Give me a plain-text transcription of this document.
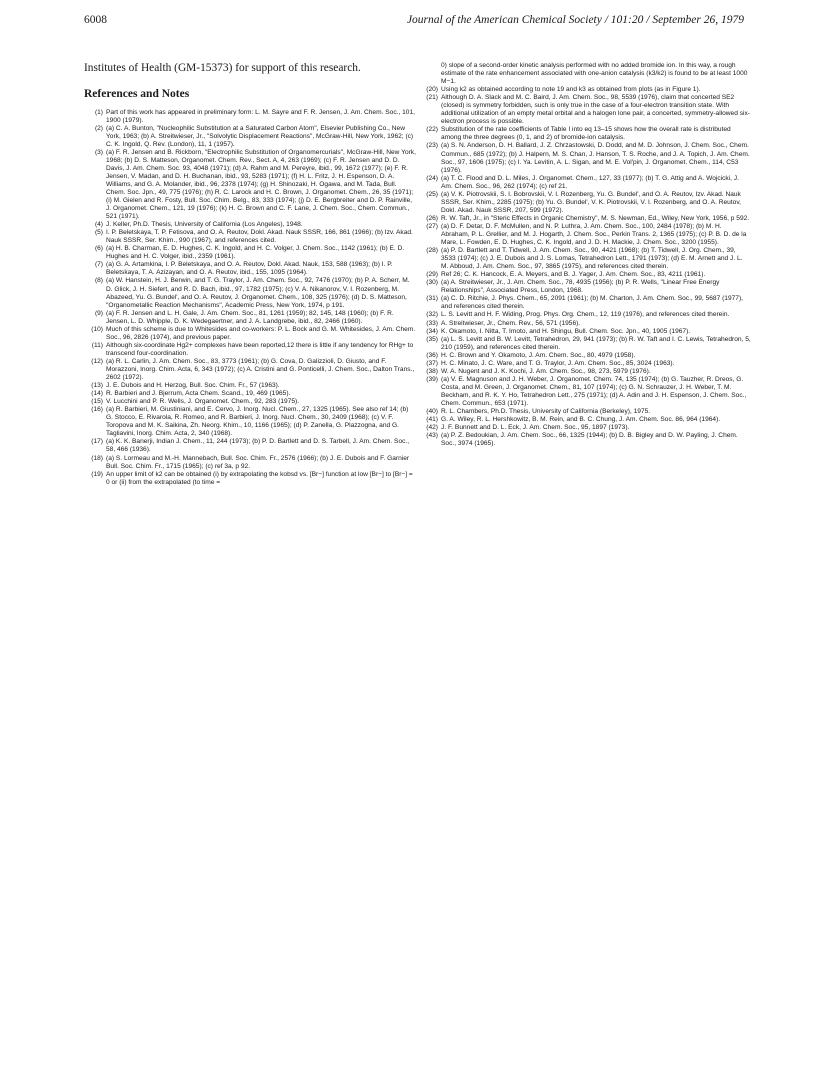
6008	Journal of the American Chemical Society / 101:20 / September 26, 1979

Institutes of Health (GM-15373) for support of this research.

References and Notes

(1) Part of this work has appeared in preliminary form: L. M. Sayre and F. R. Jensen, J. Am. Chem. Soc., 101, 1900 (1979).

(2) (a) C. A. Bunton, "Nucleophilic Substitution at a Saturated Carbon Atom", Elsevier Publishing Co., New York, 1963; (b) A. Streitwieser, Jr., "Solvolytic Displacement Reactions", McGraw-Hill, New York, 1962; (c) C. K. Ingold, Q. Rev. (London), 11, 1 (1957).

(3) (a) F. R. Jensen and B. Rickborn, "Electrophilic Substitution of Organomercurials", McGraw-Hill, New York, 1968; (b) D. S. Matteson, Organomet. Chem. Rev., Sect. A, 4, 263 (1969); (c) F. R. Jensen and D. D. Davis, J. Am. Chem. Soc. 93, 4048 (1971); (d) A. Rahm and M. Pereyre, ibid., 99, 1672 (1977); (e) F. R. Jensen, V. Madan, and D. H. Buchanan, ibid., 93, 5283 (1971); (f) H. L. Fritz, J. H. Espenson, D. A. Williams, and G. A. Molander, ibid., 96, 2378 (1974); (g) H. Shinozaki, H. Ogawa, and M. Tada, Bull. Chem. Soc. Jpn., 49, 775 (1976); (h) R. C. Larock and H. C. Brown, J. Organomet. Chem., 26, 35 (1971); (i) M. Gielen and R. Fosty, Bull. Soc. Chim. Belg., 83, 333 (1974); (j) D. E. Bergbreiter and D. P. Rainville, J. Organomet. Chem., 121, 19 (1976); (k) H. C. Brown and C. F. Lane, J. Chem. Soc., Chem. Commun., 521 (1971).

(4) J. Keller, Ph.D. Thesis, University of California (Los Angeles), 1948.

(5) I. P. Beletskaya, T. P. Fetisova, and O. A. Reutov, Dokl. Akad. Nauk SSSR, 166, 861 (1966); (b) Izv. Akad. Nauk SSSR, Ser. Khim., 990 (1967), and references cited.

(6) (a) H. B. Charman, E. D. Hughes, C. K. Ingold, and H. C. Volger, J. Chem. Soc., 1142 (1961); (b) E. D. Hughes and H. C. Volger, ibid., 2359 (1961).

(7) (a) G. A. Artamkina, I. P. Beletskaya, and O. A. Reutov, Dokl. Akad. Nauk, 153, 588 (1963); (b) I. P. Beletskaya, T. A. Azizayan, and O. A. Reutov, ibid., 155, 1095 (1964).

(8) (a) W. Hanstein, H. J. Berwin, and T. G. Traylor, J. Am. Chem. Soc., 92, 7476 (1970); (b) P. A. Scherr, M. D. Glick, J. H. Siefert, and R. D. Bach, ibid., 97, 1782 (1975); (c) V. A. Nikanorov, V. I. Rozenberg, M. Abazeed, Yu. G. Bundel', and O. A. Reutov, J. Organomet. Chem., 108, 325 (1976); (d) D. S. Matteson, "Organometallic Reaction Mechanisms", Academic Press, New York, 1974, p 191.

(9) (a) F. R. Jensen and L. H. Gale, J. Am. Chem. Soc., 81, 1261 (1959); 82, 145, 148 (1960); (b) F. R. Jensen, L. D. Whipple, D. K. Wedegaertner, and J. A. Landgrebe, ibid., 82, 2466 (1960).

(10) Much of this scheme is due to Whitesides and co-workers: P. L. Bock and G. M. Whitesides, J. Am. Chem. Soc., 96, 2826 (1974), and previous paper.

(11) Although six-coordinate Hg2+ complexes have been reported,12 there is little if any tendency for RHg+ to transcend four-coordination.

(12) (a) R. L. Carlin, J. Am. Chem. Soc., 83, 3773 (1961); (b) G. Cova, D. Galizzioli, D. Giusto, and F. Morazzoni, Inorg. Chim. Acta, 6, 343 (1972); (c) A. Cristini and G. Ponticelli, J. Chem. Soc., Dalton Trans., 2602 (1972).

(13) J. E. Dubois and H. Herzog, Bull. Soc. Chim. Fr., 57 (1963).

(14) R. Barbieri and J. Bjerrum, Acta Chem. Scand., 19, 469 (1965).

(15) V. Lucchini and P. R. Wells, J. Organomet. Chem., 92, 283 (1975).

(16) (a) R. Barbieri, M. Giustiniani, and E. Cervo, J. Inorg. Nucl. Chem., 27, 1325 (1965). See also ref 14; (b) G. Stocco, E. Rivarola, R. Romeo, and R. Barbieri, J. Inorg. Nucl. Chem., 30, 2409 (1968); (c) V. F. Toropova and M. K. Saikina, Zh. Neorg. Khim., 10, 1166 (1965); (d) P. Zanella, G. Plazzogna, and G. Tagliavini, Inorg. Chim. Acta, 2, 340 (1968).

(17) (a) K. K. Banerji, Indian J. Chem., 11, 244 (1973); (b) P. D. Bartlett and D. S. Tarbell, J. Am. Chem. Soc., 58, 466 (1936).

(18) (a) S. Lormeau and M.-H. Mannebach, Bull. Soc. Chim. Fr., 2576 (1966); (b) J. E. Dubois and F. Garnier Bull. Soc. Chim. Fr., 1715 (1965); (c) ref 3a, p 92.

(19) An upper limit of k2 can be obtained (i) by extrapolating the kobsd vs. [Br−] function at low [Br−] to [Br−] = 0 or (ii) from the extrapolated (to time =

0) slope of a second-order kinetic analysis performed with no added bromide ion. In this way, a rough estimate of the rate enhancement associated with one-anion catalysis (k3/k2) is found to be at least 1000 M−1.

(20) Using k2 as obtained according to note 19 and k3 as obtained from plots (as in Figure 1).

(21) Although D. A. Slack and M. C. Baird, J. Am. Chem. Soc., 98, 5539 (1976), claim that concerted SE2 (closed) is symmetry forbidden, such is only true in the case of a four-electron transition state. With additional utilization of an empty metal orbital and a halogen lone pair, a concerted, symmetry-allowed six-electron process is possible.

(22) Substitution of the rate coefficients of Table I into eq 13–15 shows how the overall rate is distributed among the three degrees (0, 1, and 2) of bromide-ion catalysis.

(23) (a) S. N. Anderson, D. H. Ballard, J. Z. Chrzastowski, D. Dodd, and M. D. Johnson, J. Chem. Soc., Chem. Commun., 685 (1972); (b) J. Halpern, M. S. Chan, J. Hanson, T. S. Roche, and J. A. Topich, J. Am. Chem. Soc., 97, 1606 (1975); (c) I. Ya. Levitin, A. L. Sigan, and M. E. Vol'pin, J. Organomet. Chem., 114, C53 (1976).

(24) (a) T. C. Flood and D. L. Miles, J. Organomet. Chem., 127, 33 (1977); (b) T. G. Attig and A. Wojcicki, J. Am. Chem. Soc., 96, 262 (1974); (c) ref 21.

(25) (a) V. K. Piotrovskii, S. I. Bobrovskii, V. I. Rozenberg, Yu. G. Bundel', and O. A. Reutov, Izv. Akad. Nauk SSSR, Ser. Khim., 2285 (1975); (b) Yu. G. Bundel', V. K. Piotrovskii, V. I. Rozenberg, and O. A. Reutov, Dokl. Akad. Nauk SSSR, 207, 599 (1972).

(26) R. W. Taft, Jr., in "Steric Effects in Organic Chemistry", M. S. Newman, Ed., Wiley, New York, 1956, p 592.

(27) (a) D. F. Detar, D. F. McMullen, and N. P. Luthra, J. Am. Chem. Soc., 100, 2484 (1978); (b) M. H. Abraham, P. L. Grellier, and M. J. Hogarth, J. Chem. Soc., Perkin Trans. 2, 1365 (1975); (c) P. B. D. de la Mare, L. Fowden, E. D. Hughes, C. K. Ingold, and J. D. H. Mackie, J. Chem. Soc., 3200 (1955).

(28) (a) P. D. Bartlett and T. Tidwell, J. Am. Chem. Soc., 90, 4421 (1968); (b) T. Tidwell, J. Org. Chem., 39, 3533 (1974); (c) J. E. Dubois and J. S. Lomas, Tetrahedron Lett., 1791 (1973); (d) E. M. Arnett and J. L. M. Abboud, J. Am. Chem. Soc., 97, 3865 (1975), and references cited therein.

(29) Ref 26; C. K. Hancock, E. A. Meyers, and B. J. Yager, J. Am. Chem. Soc., 83, 4211 (1961).

(30) (a) A. Streitwieser, Jr., J. Am. Chem. Soc., 78, 4935 (1956); (b) P. R. Wells, "Linear Free Energy Relationships", Associated Press, London, 1968.

(31) (a) C. D. Ritchie, J. Phys. Chem., 65, 2091 (1961); (b) M. Charton, J. Am. Chem. Soc., 99, 5687 (1977), and references cited therein.

(32) L. S. Levitt and H. F. Widing, Prog. Phys. Org. Chem., 12, 119 (1976), and references cited therein.

(33) A. Streitwieser, Jr., Chem. Rev., 56, 571 (1956).

(34) K. Okamoto, I. Nitta, T. Imoto, and H. Shingu, Bull. Chem. Soc. Jpn., 40, 1905 (1967).

(35) (a) L. S. Levitt and B. W. Levitt, Tetrahedron, 29, 941 (1973); (b) R. W. Taft and I. C. Lewis, Tetrahedron, 5, 210 (1959), and references cited therein.

(36) H. C. Brown and Y. Okamoto, J. Am. Chem. Soc., 80, 4979 (1958).

(37) H. C. Minato, J. C. Ware, and T. G. Traylor, J. Am. Chem. Soc., 85, 3024 (1963).

(38) W. A. Nugent and J. K. Kochi, J. Am. Chem. Soc., 98, 273, 5979 (1976).

(39) (a) V. E. Magnuson and J. H. Weber, J. Organomet. Chem. 74, 135 (1974); (b) G. Tauzher, R. Dreos, G. Costa, and M. Green, J. Organomet. Chem., 81, 107 (1974); (c) G. N. Schrauzer, J. H. Weber, T. M. Beckham, and R. K. Y. Ho, Tetrahedron Lett., 275 (1971); (d) A. Adin and J. H. Espenson, J. Chem. Soc., Chem. Commun., 653 (1971).

(40) R. L. Chambers, Ph.D. Thesis, University of California (Berkeley), 1975.

(41) G. A. Wiley, R. L. Hershkowitz, B. M. Rein, and B. C. Chung, J. Am. Chem. Soc. 86, 964 (1964).

(42) J. F. Bunnett and D. L. Eck, J. Am. Chem. Soc., 95, 1897 (1973).

(43) (a) P. Z. Bedoukian, J. Am. Chem. Soc., 66, 1325 (1944); (b) D. B. Bigley and D. W. Payling, J. Chem. Soc., 3974 (1965).
